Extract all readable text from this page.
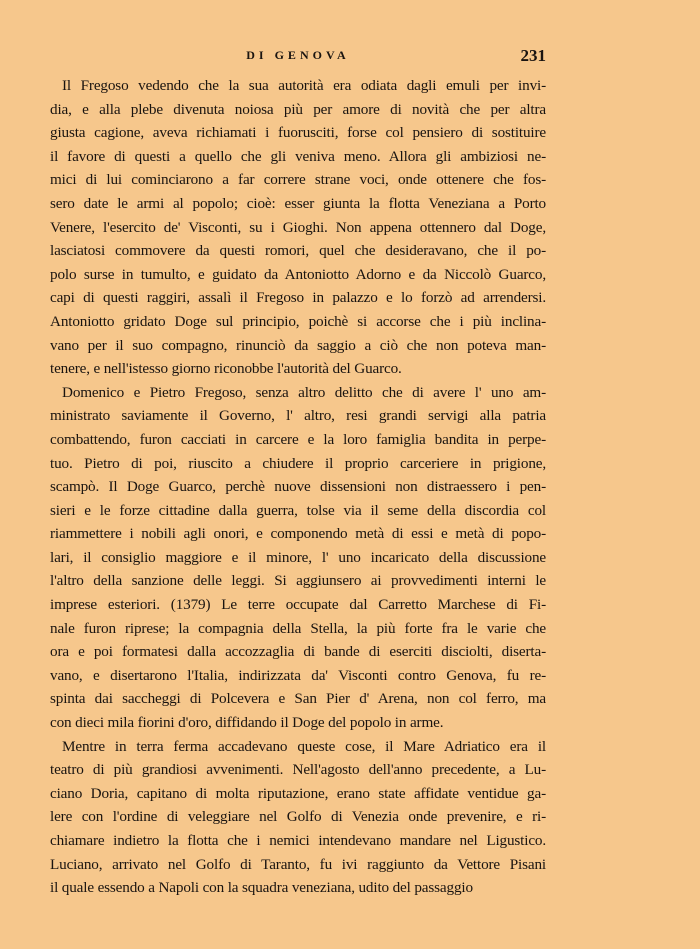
DI GENOVA	231
Il Fregoso vedendo che la sua autorità era odiata dagli emuli per invi-
dia, e alla plebe divenuta noiosa più per amore di novità che per altra
giusta cagione, aveva richiamati i fuorusciti, forse col pensiero di sostituire
il favore di questi a quello che gli veniva meno. Allora gli ambiziosi ne-
mici di lui cominciarono a far correre strane voci, onde ottenere che fos-
sero date le armi al popolo; cioè: esser giunta la flotta Veneziana a Porto
Venere, l'esercito de' Visconti, su i Gioghi. Non appena ottennero dal Doge,
lasciatosi commovere da questi romori, quel che desideravano, che il po-
polo surse in tumulto, e guidato da Antoniotto Adorno e da Niccolò Guarco,
capi di questi raggiri, assalì il Fregoso in palazzo e lo forzò ad arrendersi.
Antoniotto gridato Doge sul principio, poichè si accorse che i più inclina-
vano per il suo compagno, rinunciò da saggio a ciò che non poteva man-
tenere, e nell'istesso giorno riconobbe l'autorità del Guarco.
Domenico e Pietro Fregoso, senza altro delitto che di avere l' uno am-
ministrato saviamente il Governo, l' altro, resi grandi servigi alla patria
combattendo, furon cacciati in carcere e la loro famiglia bandita in perpe-
tuo. Pietro di poi, riuscito a chiudere il proprio carceriere in prigione,
scampò. Il Doge Guarco, perchè nuove dissensioni non distraessero i pen-
sieri e le forze cittadine dalla guerra, tolse via il seme della discordia col
riammettere i nobili agli onori, e componendo metà di essi e metà di popo-
lari, il consiglio maggiore e il minore, l' uno incaricato della discussione
l'altro della sanzione delle leggi. Si aggiunsero ai provvedimenti interni le
imprese esteriori. (1379) Le terre occupate dal Carretto Marchese di Fi-
nale furon riprese; la compagnia della Stella, la più forte fra le varie che
ora e poi formatesi dalla accozzaglia di bande di eserciti disciolti, diserta-
vano, e disertarono l'Italia, indirizzata da' Visconti contro Genova, fu re-
spinta dai saccheggi di Polcevera e San Pier d' Arena, non col ferro, ma
con dieci mila fiorini d'oro, diffidando il Doge del popolo in arme.
Mentre in terra ferma accadevano queste cose, il Mare Adriatico era il
teatro di più grandiosi avvenimenti. Nell'agosto dell'anno precedente, a Lu-
ciano Doria, capitano di molta riputazione, erano state affidate ventidue ga-
lere con l'ordine di veleggiare nel Golfo di Venezia onde prevenire, e ri-
chiamare indietro la flotta che i nemici intendevano mandare nel Ligustico.
Luciano, arrivato nel Golfo di Taranto, fu ivi raggiunto da Vettore Pisani
il quale essendo a Napoli con la squadra veneziana, udito del passaggio
